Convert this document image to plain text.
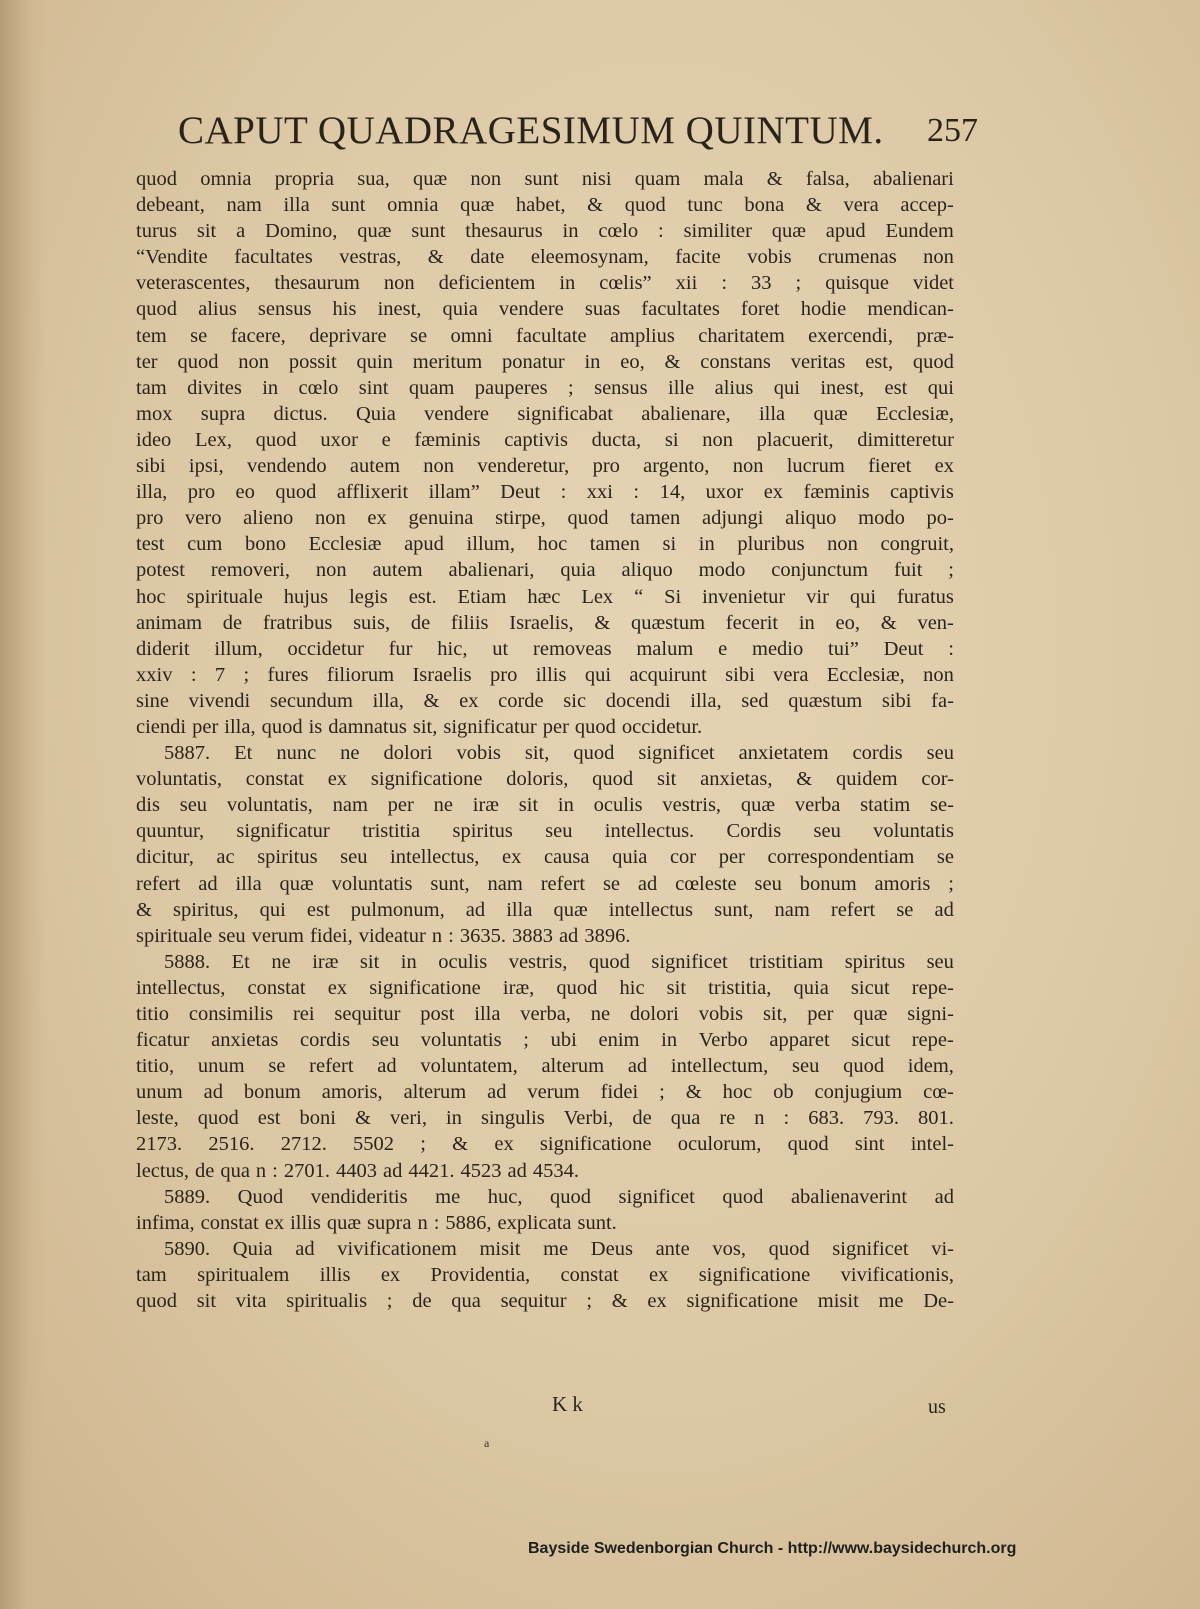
CAPUT QUADRAGESIMUM QUINTUM. 257
quod omnia propria sua, quæ non sunt nisi quam mala & falsa, abalienari
debeant, nam illa sunt omnia quæ habet, & quod tunc bona & vera accep-
turus sit a Domino, quæ sunt thesaurus in cœlo : similiter quæ apud Eundem
“Vendite facultates vestras, & date eleemosynam, facite vobis crumenas non
veterascentes, thesaurum non deficientem in cœlis” xii : 33 ; quisque videt
quod alius sensus his inest, quia vendere suas facultates foret hodie mendican-
tem se facere, deprivare se omni facultate amplius charitatem exercendi, præ-
ter quod non possit quin meritum ponatur in eo, & constans veritas est, quod
tam divites in cœlo sint quam pauperes ; sensus ille alius qui inest, est qui
mox supra dictus. Quia vendere significabat abalienare, illa quæ Ecclesiæ,
ideo Lex, quod uxor e fæminis captivis ducta, si non placuerit, dimitteretur
sibi ipsi, vendendo autem non venderetur, pro argento, non lucrum fieret ex
illa, pro eo quod afflixerit illam” Deut : xxi : 14, uxor ex fæminis captivis
pro vero alieno non ex genuina stirpe, quod tamen adjungi aliquo modo po-
test cum bono Ecclesiæ apud illum, hoc tamen si in pluribus non congruit,
potest removeri, non autem abalienari, quia aliquo modo conjunctum fuit ;
hoc spirituale hujus legis est. Etiam hæc Lex “ Si invenietur vir qui furatus
animam de fratribus suis, de filiis Israelis, & quæstum fecerit in eo, & ven-
diderit illum, occidetur fur hic, ut removeas malum e medio tui” Deut :
xxiv : 7 ; fures filiorum Israelis pro illis qui acquirunt sibi vera Ecclesiæ, non
sine vivendi secundum illa, & ex corde sic docendi illa, sed quæstum sibi fa-
ciendi per illa, quod is damnatus sit, significatur per quod occidetur.
5887. Et nunc ne dolori vobis sit, quod significet anxietatem cordis seu
voluntatis, constat ex significatione doloris, quod sit anxietas, & quidem cor-
dis seu voluntatis, nam per ne iræ sit in oculis vestris, quæ verba statim se-
quuntur, significatur tristitia spiritus seu intellectus. Cordis seu voluntatis
dicitur, ac spiritus seu intellectus, ex causa quia cor per correspondentiam se
refert ad illa quæ voluntatis sunt, nam refert se ad cœleste seu bonum amoris ;
& spiritus, qui est pulmonum, ad illa quæ intellectus sunt, nam refert se ad
spirituale seu verum fidei, videatur n : 3635. 3883 ad 3896.
5888. Et ne iræ sit in oculis vestris, quod significet tristitiam spiritus seu
intellectus, constat ex significatione iræ, quod hic sit tristitia, quia sicut repe-
titio consimilis rei sequitur post illa verba, ne dolori vobis sit, per quæ signi-
ficatur anxietas cordis seu voluntatis ; ubi enim in Verbo apparet sicut repe-
titio, unum se refert ad voluntatem, alterum ad intellectum, seu quod idem,
unum ad bonum amoris, alterum ad verum fidei ; & hoc ob conjugium cœ-
leste, quod est boni & veri, in singulis Verbi, de qua re n : 683. 793. 801.
2173. 2516. 2712. 5502 ; & ex significatione oculorum, quod sint intel-
lectus, de qua n : 2701. 4403 ad 4421. 4523 ad 4534.
5889. Quod vendideritis me huc, quod significet quod abalienaverint ad
infima, constat ex illis quæ supra n : 5886, explicata sunt.
5890. Quia ad vivificationem misit me Deus ante vos, quod significet vi-
tam spiritualem illis ex Providentia, constat ex significatione vivificationis,
quod sit vita spiritualis ; de qua sequitur ; & ex significatione misit me De-
K k	us
a
Bayside Swedenborgian Church - http://www.baysidechurch.org
